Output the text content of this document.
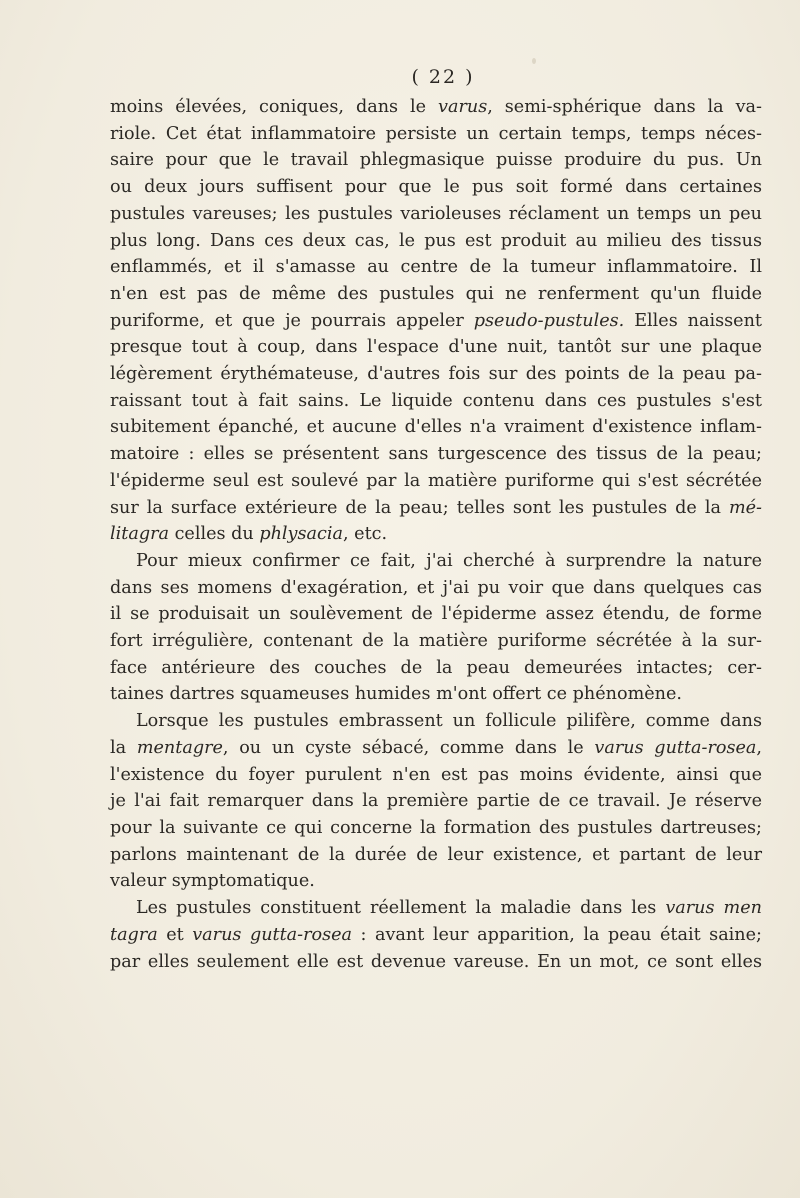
( 22 )

moins élevées, coniques, dans le varus, semi-sphérique dans la va-

riole. Cet état inflammatoire persiste un certain temps, temps néces-

saire pour que le travail phlegmasique puisse produire du pus. Un

ou deux jours suffisent pour que le pus soit formé dans certaines

pustules vareuses; les pustules varioleuses réclament un temps un peu

plus long. Dans ces deux cas, le pus est produit au milieu des tissus

enflammés, et il s'amasse au centre de la tumeur inflammatoire. Il

n'en est pas de même des pustules qui ne renferment qu'un fluide

puriforme, et que je pourrais appeler pseudo-pustules. Elles naissent

presque tout à coup, dans l'espace d'une nuit, tantôt sur une plaque

légèrement érythémateuse, d'autres fois sur des points de la peau pa-

raissant tout à fait sains. Le liquide contenu dans ces pustules s'est

subitement épanché, et aucune d'elles n'a vraiment d'existence inflam-

matoire : elles se présentent sans turgescence des tissus de la peau;

l'épiderme seul est soulevé par la matière puriforme qui s'est sécrétée

sur la surface extérieure de la peau; telles sont les pustules de la mé-

litagra celles du phlysacia, etc.

Pour mieux confirmer ce fait, j'ai cherché à surprendre la nature

dans ses momens d'exagération, et j'ai pu voir que dans quelques cas

il se produisait un soulèvement de l'épiderme assez étendu, de forme

fort irrégulière, contenant de la matière puriforme sécrétée à la sur-

face antérieure des couches de la peau demeurées intactes; cer-

taines dartres squameuses humides m'ont offert ce phénomène.

Lorsque les pustules embrassent un follicule pilifère, comme dans

la mentagre, ou un cyste sébacé, comme dans le varus gutta-rosea,

l'existence du foyer purulent n'en est pas moins évidente, ainsi que

je l'ai fait remarquer dans la première partie de ce travail. Je réserve

pour la suivante ce qui concerne la formation des pustules dartreuses;

parlons maintenant de la durée de leur existence, et partant de leur

valeur symptomatique.

Les pustules constituent réellement la maladie dans les varus men

tagra et varus gutta-rosea : avant leur apparition, la peau était saine;

par elles seulement elle est devenue vareuse. En un mot, ce sont elles
